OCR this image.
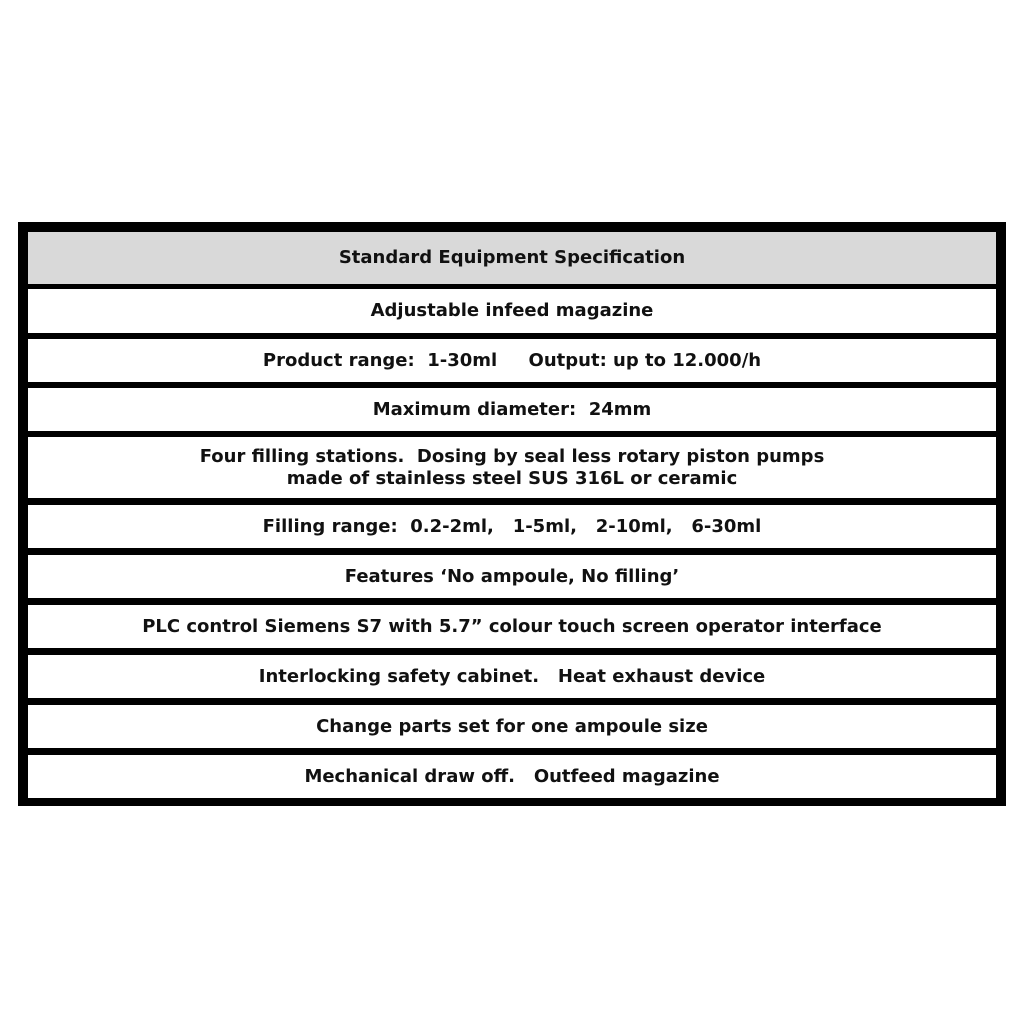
Standard Equipment Specification
Adjustable infeed magazine
Product range:  1-30ml     Output: up to 12.000/h
Maximum diameter:  24mm
Four filling stations.  Dosing by seal less rotary piston pumps
made of stainless steel SUS 316L or ceramic
Filling range:  0.2-2ml,   1-5ml,   2-10ml,   6-30ml
Features ‘No ampoule, No filling’
PLC control Siemens S7 with 5.7” colour touch screen operator interface
Interlocking safety cabinet.   Heat exhaust device
Change parts set for one ampoule size
Mechanical draw off.   Outfeed magazine
